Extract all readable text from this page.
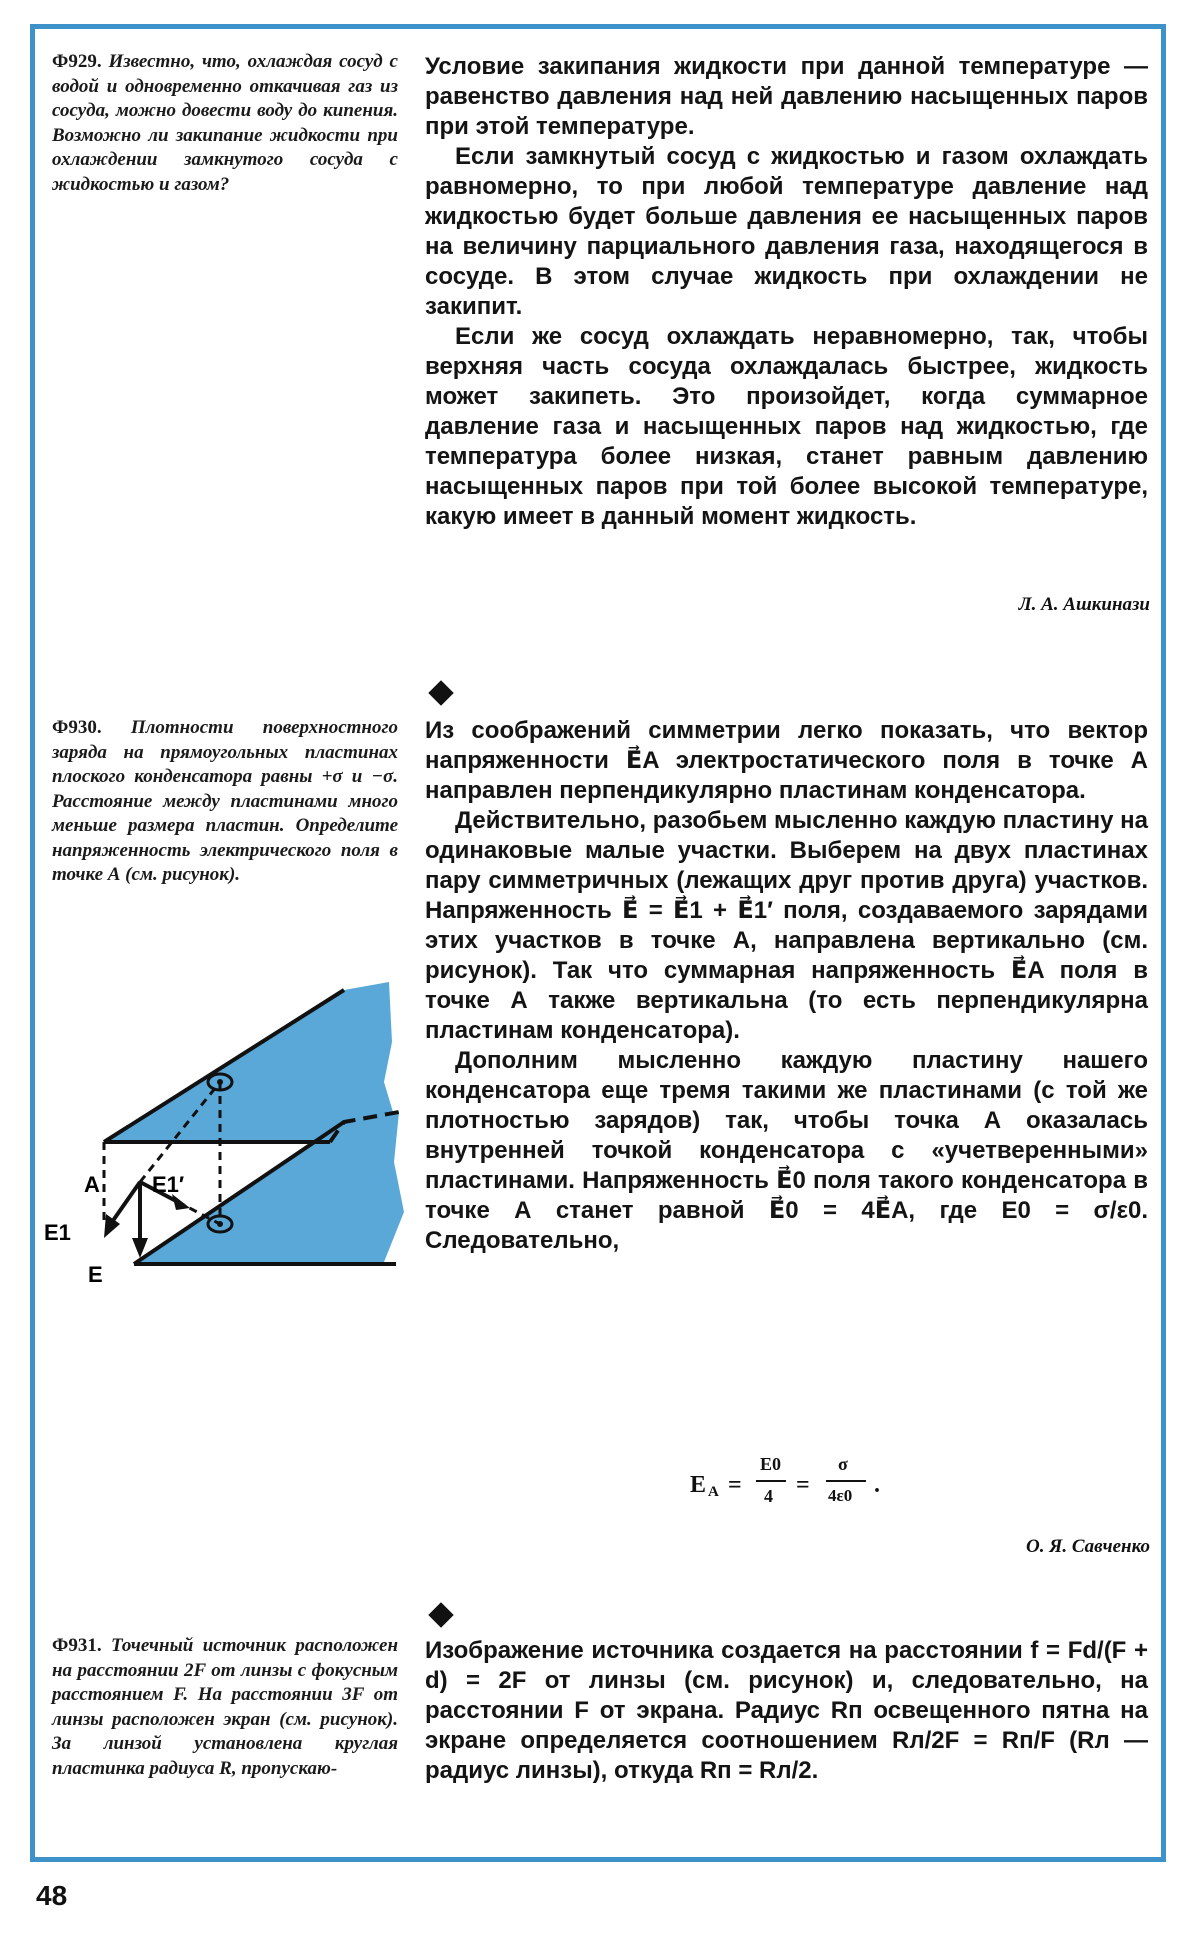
Ф929. Известно, что, охлаждая сосуд с водой и одновременно откачивая газ из сосуда, можно довести воду до кипения. Возможно ли закипание жидкости при охлаждении замкнутого сосуда с жидкостью и газом?

Условие закипания жидкости при данной температуре — равенство давления над ней давлению насыщенных паров при этой температуре.

Если замкнутый сосуд с жидкостью и газом охлаждать равномерно, то при любой температуре давление над жидкостью будет больше давления ее насыщенных паров на величину парциального давления газа, находящегося в сосуде. В этом случае жидкость при охлаждении не закипит.

Если же сосуд охлаждать неравномерно, так, чтобы верхняя часть сосуда охлаждалась быстрее, жидкость может закипеть. Это произойдет, когда суммарное давление газа и насыщенных паров над жидкостью, где температура более низкая, станет равным давлению насыщенных паров при той более высокой температуре, какую имеет в данный момент жидкость.

Л. А. Ашкинази
Ф930. Плотности поверхностного заряда на прямоугольных пластинах плоского конденсатора равны +σ и −σ. Расстояние между пластинами много меньше размера пластин. Определите напряженность электрического поля в точке А (см. рисунок).
A E1′
E1
E

Из соображений симметрии легко показать, что вектор напряженности E⃗A электростатического поля в точке А направлен перпендикулярно пластинам конденсатора.

Действительно, разобьем мысленно каждую пластину на одинаковые малые участки. Выберем на двух пластинах пару симметричных (лежащих друг против друга) участков. Напряженность E⃗ = E⃗1 + E⃗1′ поля, создаваемого зарядами этих участков в точке А, направлена вертикально (см. рисунок). Так что суммарная напряженность E⃗A поля в точке А также вертикальна (то есть перпендикулярна пластинам конденсатора).

Дополним мысленно каждую пластину нашего конденсатора еще тремя такими же пластинами (с той же плотностью зарядов) так, чтобы точка А оказалась внутренней точкой конденсатора с «учетверенными» пластинами. Напряженность E⃗0 поля такого конденсатора в точке А станет равной E⃗0 = 4E⃗A, где E0 = σ/ε0. Следовательно,

E A =
E0
4 =
σ
4ε0 .
О. Я. Савченко
Ф931. Точечный источник расположен на расстоянии 2F от линзы с фокусным расстоянием F. На расстоянии 3F от линзы расположен экран (см. рисунок). За линзой установлена круглая пластинка радиуса R, пропускаю-

Изображение источника создается на расстоянии f = Fd/(F + d) = 2F от линзы (см. рисунок) и, следовательно, на расстоянии F от экрана. Радиус Rп освещенного пятна на экране определяется соотношением Rл/2F = Rп/F (Rл — радиус линзы), откуда Rп = Rл/2.

48
